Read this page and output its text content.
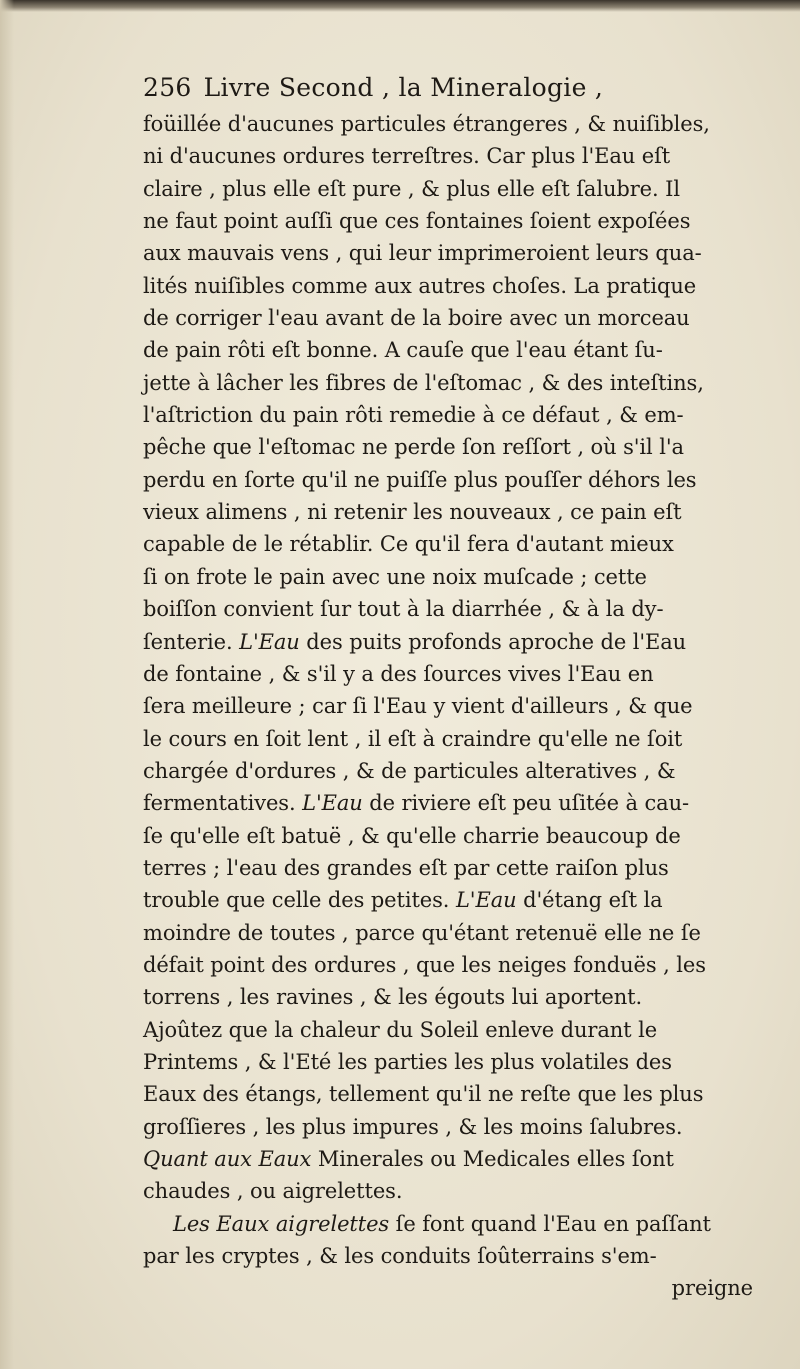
256 Livre Second , la Mineralogie ,
foüillée d'aucunes particules étrangeres , & nuiſibles,
ni d'aucunes ordures terreſtres. Car plus l'Eau eſt
claire , plus elle eſt pure , & plus elle eſt ſalubre. Il
ne faut point auſſi que ces fontaines ſoient expoſées
aux mauvais vens , qui leur imprimeroient leurs qua-
lités nuiſibles comme aux autres choſes. La pratique
de corriger l'eau avant de la boire avec un morceau
de pain rôti eſt bonne. A cauſe que l'eau étant ſu-
jette à lâcher les fibres de l'eſtomac , & des inteſtins,
l'aſtriction du pain rôti remedie à ce défaut , & em-
pêche que l'eſtomac ne perde ſon reſſort , où s'il l'a
perdu en ſorte qu'il ne puiſſe plus pouſſer déhors les
vieux alimens , ni retenir les nouveaux , ce pain eſt
capable de le rétablir. Ce qu'il fera d'autant mieux
ſi on frote le pain avec une noix muſcade ; cette
boiſſon convient ſur tout à la diarrhée , & à la dy-
ſenterie. L'Eau des puits profonds aproche de l'Eau
de fontaine , & s'il y a des ſources vives l'Eau en
ſera meilleure ; car ſi l'Eau y vient d'ailleurs , & que
le cours en ſoit lent , il eſt à craindre qu'elle ne ſoit
chargée d'ordures , & de particules alteratives , &
fermentatives. L'Eau de riviere eſt peu uſitée à cau-
ſe qu'elle eſt batuë , & qu'elle charrie beaucoup de
terres ; l'eau des grandes eſt par cette raiſon plus
trouble que celle des petites. L'Eau d'étang eſt la
moindre de toutes , parce qu'étant retenuë elle ne ſe
défait point des ordures , que les neiges fonduës , les
torrens , les ravines , & les égouts lui aportent.
Ajoûtez que la chaleur du Soleil enleve durant le
Printems , & l'Eté les parties les plus volatiles des
Eaux des étangs, tellement qu'il ne reſte que les plus
groſſieres , les plus impures , & les moins ſalubres.
Quant aux Eaux Minerales ou Medicales elles ſont
chaudes , ou aigrelettes.
Les Eaux aigrelettes ſe font quand l'Eau en paſſant
par les cryptes , & les conduits ſoûterrains s'em-
preigne
